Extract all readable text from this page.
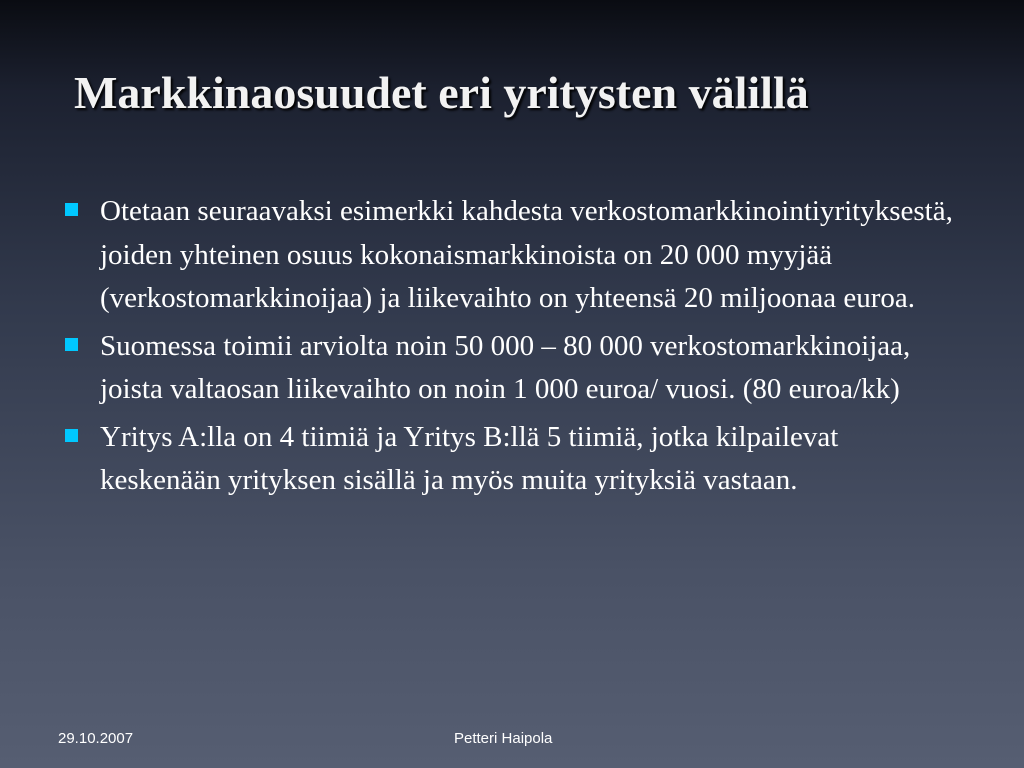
Markkinaosuudet eri yritysten välillä
Otetaan seuraavaksi esimerkki kahdesta verkostomarkkinointiyrityksestä, joiden yhteinen osuus kokonaismarkkinoista on 20 000 myyjää (verkostomarkkinoijaa) ja liikevaihto on yhteensä 20 miljoonaa euroa.
Suomessa toimii arviolta noin 50 000 – 80 000 verkostomarkkinoijaa, joista valtaosan liikevaihto on noin 1 000 euroa/ vuosi. (80 euroa/kk)
Yritys A:lla on 4 tiimiä ja Yritys B:llä 5 tiimiä, jotka kilpailevat keskenään yrityksen sisällä ja myös muita yrityksiä vastaan.
29.10.2007	Petteri Haipola
